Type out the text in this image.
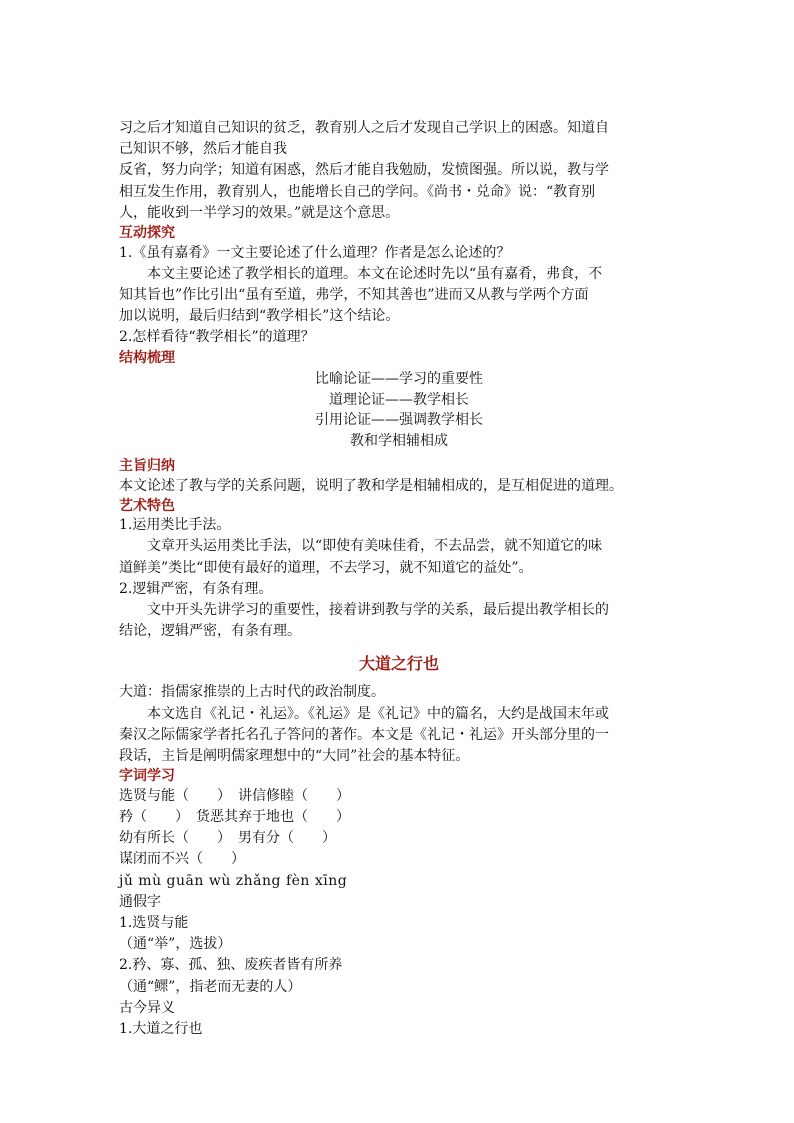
习之后才知道自己知识的贫乏，教育别人之后才发现自己学识上的困惑。知道自
己知识不够，然后才能自我
反省，努力向学；知道有困惑，然后才能自我勉励，发愤图强。所以说，教与学
相互发生作用，教育别人，也能增长自己的学问。《尚书・兑命》说：“教育别
人，能收到一半学习的效果。”就是这个意思。
互动探究
1.《虽有嘉肴》一文主要论述了什么道理？作者是怎么论述的？
本文主要论述了教学相长的道理。本文在论述时先以“虽有嘉肴，弗食，不
知其旨也”作比引出“虽有至道，弗学，不知其善也”进而又从教与学两个方面
加以说明，最后归结到“教学相长”这个结论。
2.怎样看待“教学相长”的道理？
结构梳理
比喻论证——学习的重要性
道理论证——教学相长
引用论证——强调教学相长
教和学相辅相成
主旨归纳
本文论述了教与学的关系问题，说明了教和学是相辅相成的，是互相促进的道理。
艺术特色
1.运用类比手法。
文章开头运用类比手法，以“即使有美味佳肴，不去品尝，就不知道它的味
道鲜美”类比“即使有最好的道理，不去学习，就不知道它的益处”。
2.逻辑严密，有条有理。
文中开头先讲学习的重要性，接着讲到教与学的关系，最后提出教学相长的
结论，逻辑严密，有条有理。
大道之行也
大道：指儒家推崇的上古时代的政治制度。
本文选自《礼记・礼运》。《礼运》是《礼记》中的篇名，大约是战国末年或
秦汉之际儒家学者托名孔子答问的著作。本文是《礼记・礼运》开头部分里的一
段话，主旨是阐明儒家理想中的“大同”社会的基本特征。
字词学习
选贤与能（　　）　讲信修睦（　　）
矜（　　）　货恶其弃于地也（　　）
幼有所长（　　）　男有分（　　）
谋闭而不兴（　　）
jǔ mù guān wù zhǎng fèn xīng
通假字
1.选贤与能
（通“举”，选拔）
2.矜、寡、孤、独、废疾者皆有所养
（通“鳏”，指老而无妻的人）
古今异义
1.大道之行也
